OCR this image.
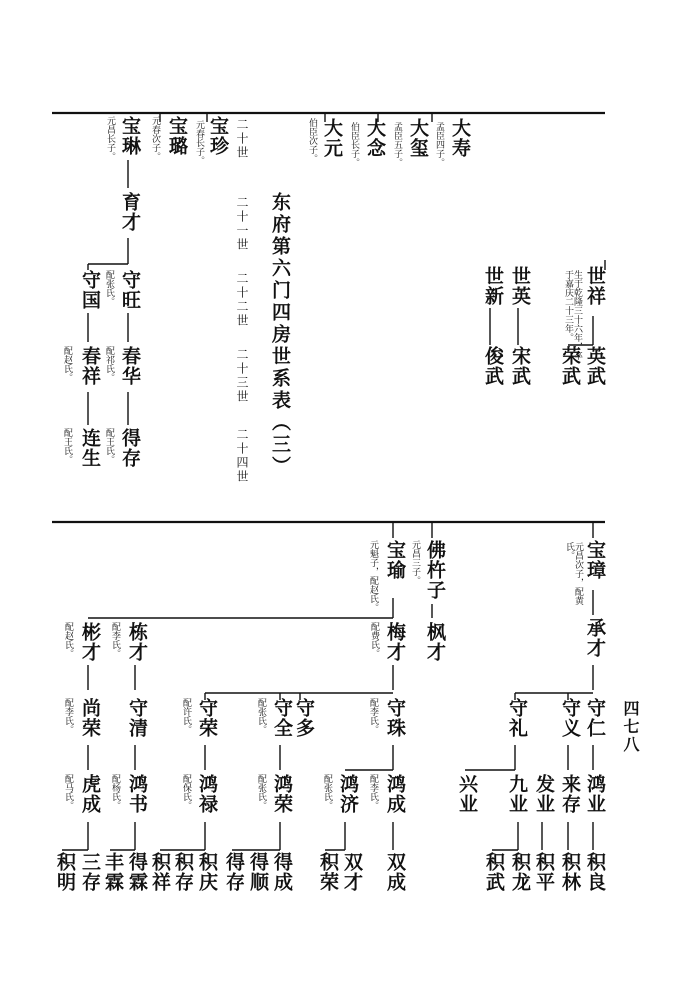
大寿
孟臣四子。
大玺
孟臣五子。
大念
伯臣长子。
大元
伯臣次子。
宝珍
元春长子。
宝璐
元春次子。
宝琳
元昌长子。
育才
守旺
配张氏。
守国
春华
配祁氏。
春祥
配赵氏。
得存
配王氏。
连生
配王氏。
二十世
二十一世
二十二世
二十三世
二十四世 东府第六门四房世系表（三）	世祥
生于乾隆三十六年，卒于嘉庆二十三年。
英武
荣武
世英
宋武
世新
俊武
宝璋
元昌次子，配黄氏。
承才
守仁
守义
守礼
鸿业
来存
发业
九业
兴业
积良
积林
积平
积龙
积武
佛杵子
元昌三子。
枫才
宝瑜
元魁子，配赵氏。
梅才
配费氏。
栋才
配李氏。
彬才
配赵氏。
守珠
配李氏。
守多
守全
配张氏。
守荣
配许氏。
守清
尚荣
配李氏。
鸿成
配李氏。
鸿济
配张氏。
鸿荣
配张氏。
鸿禄
配保氏。
鸿书
配杨氏。
虎成
配马氏。
双成
双才
积荣
得成
得顺
得存
积庆
积存
积祥
得霖
丰霖
三存
积明
四七八
